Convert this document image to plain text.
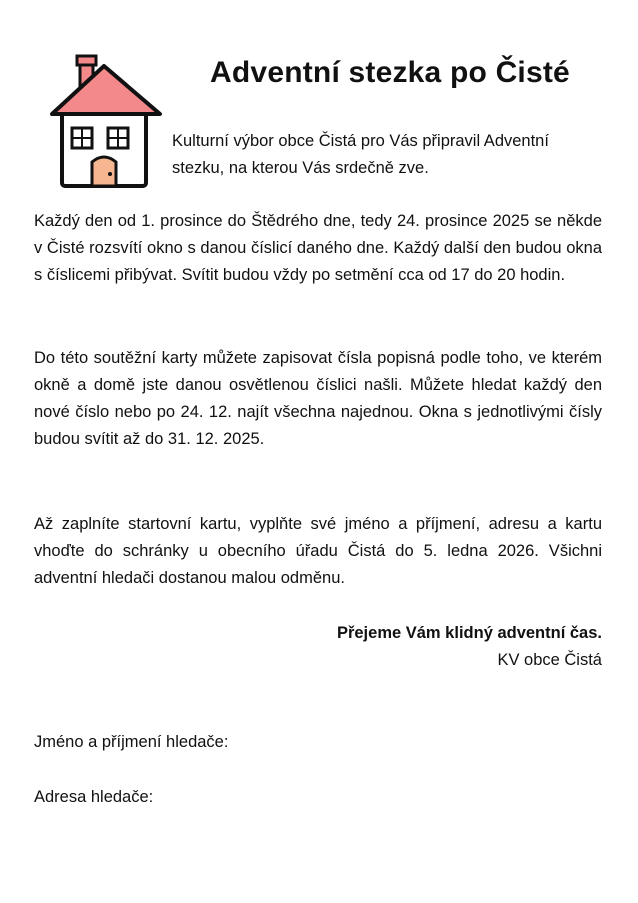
Adventní stezka po Čisté

Kulturní výbor obce Čistá pro Vás připravil Adventní stezku, na kterou Vás srdečně zve.

Každý den od 1. prosince do Štědrého dne, tedy 24. prosince 2025 se někde v Čisté rozsvítí okno s danou číslicí daného dne. Každý další den budou okna s číslicemi přibývat. Svítit budou vždy po setmění cca od 17 do 20 hodin.

Do této soutěžní karty můžete zapisovat čísla popisná podle toho, ve kterém okně a domě jste danou osvětlenou číslici našli. Můžete hledat každý den nové číslo nebo po 24. 12. najít všechna najednou. Okna s jednotlivými čísly budou svítit až do 31. 12. 2025.

Až zaplníte startovní kartu, vyplňte své jméno a příjmení, adresu a kartu vhoďte do schránky u obecního úřadu Čistá do 5. ledna 2026. Všichni adventní hledači dostanou malou odměnu.

Přejeme Vám klidný adventní čas.
KV obce Čistá
Jméno a příjmení hledače:
Adresa hledače:
